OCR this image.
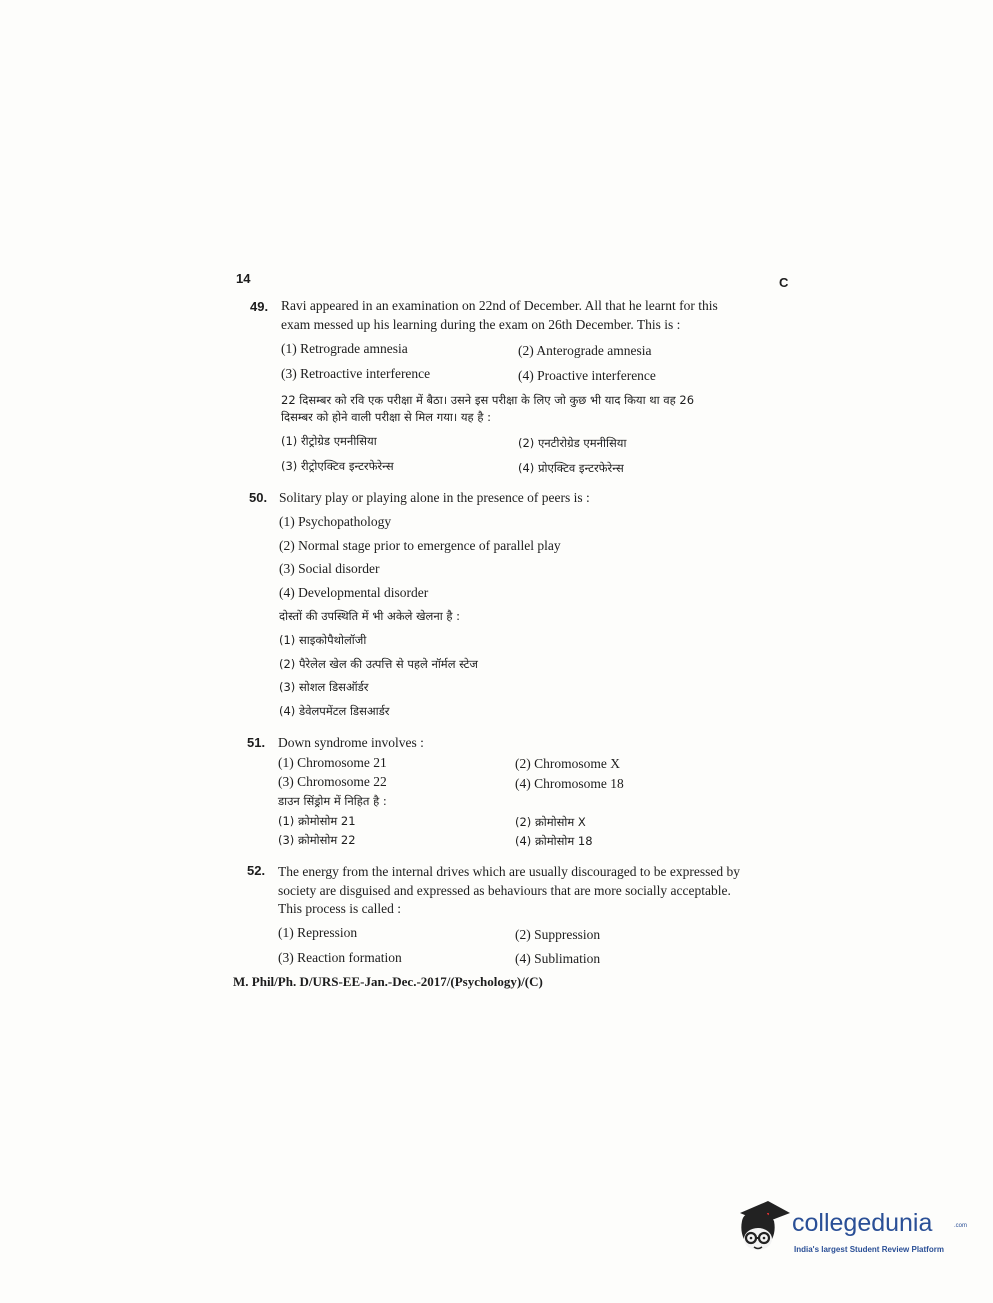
14	C
49. Ravi appeared in an examination on 22nd of December. All that he learnt for this
exam messed up his learning during the exam on 26th December. This is :
(1) Retrograde amnesia	(2) Anterograde amnesia
(3) Retroactive interference	(4) Proactive interference
22 दिसम्बर को रवि एक परीक्षा में बैठा। उसने इस परीक्षा के लिए जो कुछ भी याद किया था वह 26
दिसम्बर को होने वाली परीक्षा से मिल गया। यह है :
(1) रीट्रोग्रेड एमनीसिया	(2) एनटीरोग्रेड एमनीसिया
(3) रीट्रोएक्टिव इन्टरफेरेन्स	(4) प्रोएक्टिव इन्टरफेरेन्स
50. Solitary play or playing alone in the presence of peers is :
(1) Psychopathology
(2) Normal stage prior to emergence of parallel play
(3) Social disorder
(4) Developmental disorder
दोस्तों की उपस्थिति में भी अकेले खेलना है :
(1) साइकोपैथोलॉजी
(2) पैरेलेल खेल की उत्पत्ति से पहले नॉर्मल स्टेज
(3) सोशल डिसऑर्डर
(4) डेवेलपमेंटल डिसआर्डर
51. Down syndrome involves :
(1) Chromosome 21	(2) Chromosome X
(3) Chromosome 22	(4) Chromosome 18
डाउन सिंड्रोम में निहित है :
(1) क्रोमोसोम 21	(2) क्रोमोसोम X
(3) क्रोमोसोम 22	(4) क्रोमोसोम 18
52. The energy from the internal drives which are usually discouraged to be expressed by
society are disguised and expressed as behaviours that are more socially acceptable.
This process is called :
(1) Repression	(2) Suppression
(3) Reaction formation	(4) Sublimation
M. Phil/Ph. D/URS-EE-Jan.-Dec.-2017/(Psychology)/(C)
collegedunia	.com
India's largest Student Review Platform
